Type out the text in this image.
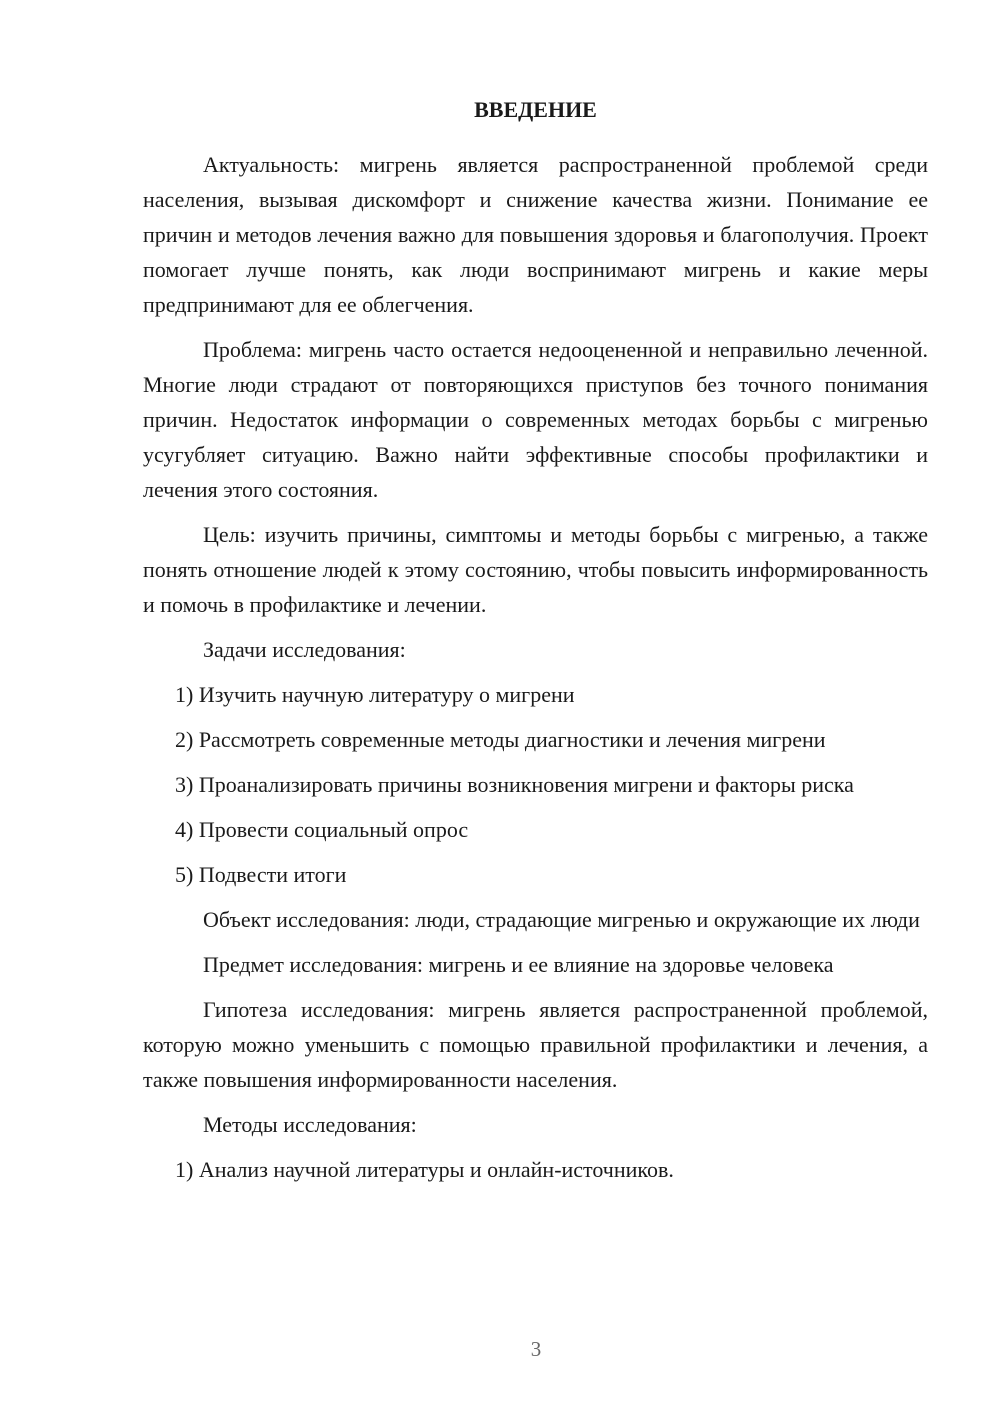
ВВЕДЕНИЕ

Актуальность: мигрень является распространенной проблемой среди населения, вызывая дискомфорт и снижение качества жизни. Понимание ее причин и методов лечения важно для повышения здоровья и благополучия. Проект помогает лучше понять, как люди воспринимают мигрень и какие меры предпринимают для ее облегчения.

Проблема: мигрень часто остается недооцененной и неправильно леченной. Многие люди страдают от повторяющихся приступов без точного понимания причин. Недостаток информации о современных методах борьбы с мигренью усугубляет ситуацию. Важно найти эффективные способы профилактики и лечения этого состояния.

Цель: изучить причины, симптомы и методы борьбы с мигренью, а также понять отношение людей к этому состоянию, чтобы повысить информированность и помочь в профилактике и лечении.

Задачи исследования:

1) Изучить научную литературу о мигрени

2) Рассмотреть современные методы диагностики и лечения мигрени

3) Проанализировать причины возникновения мигрени и факторы риска

4) Провести социальный опрос

5) Подвести итоги

Объект исследования: люди, страдающие мигренью и окружающие их люди

Предмет исследования: мигрень и ее влияние на здоровье человека

Гипотеза исследования: мигрень является распространенной проблемой, которую можно уменьшить с помощью правильной профилактики и лечения, а также повышения информированности населения.

Методы исследования:

1) Анализ научной литературы и онлайн-источников.

3
